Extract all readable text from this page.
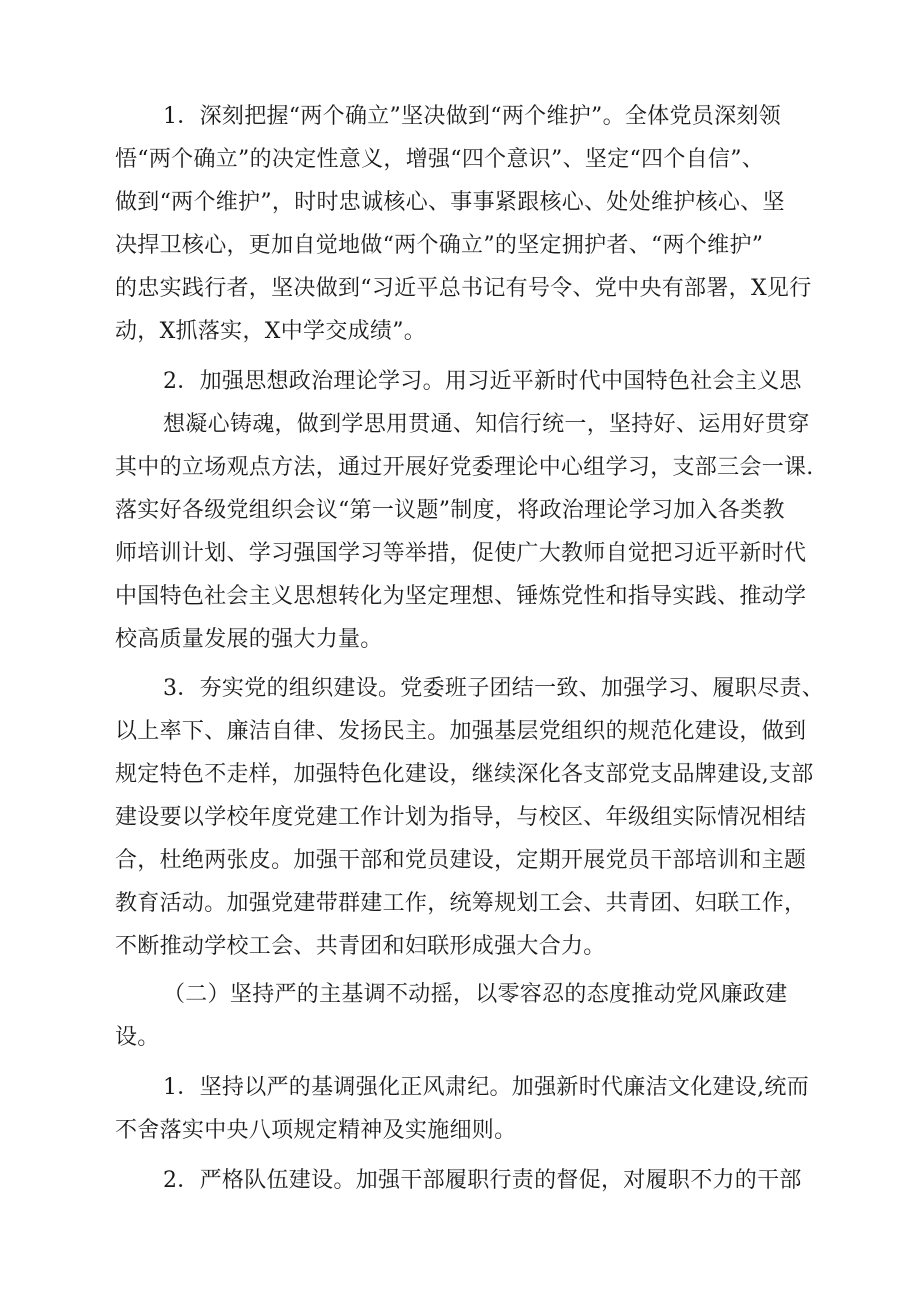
1．深刻把握“两个确立”坚决做到“两个维护”。全体党员深刻领
悟“两个确立”的决定性意义，增强“四个意识”、坚定“四个自信”、
做到“两个维护”，时时忠诚核心、事事紧跟核心、处处维护核心、坚
决捍卫核心，更加自觉地做“两个确立”的坚定拥护者、“两个维护”
的忠实践行者，坚决做到“习近平总书记有号令、党中央有部署，X见行
动，X抓落实，X中学交成绩”。
2．加强思想政治理论学习。用习近平新时代中国特色社会主义思
想凝心铸魂，做到学思用贯通、知信行统一，坚持好、运用好贯穿
其中的立场观点方法，通过开展好党委理论中心组学习，支部三会一课.
落实好各级党组织会议“第一议题”制度，将政治理论学习加入各类教
师培训计划、学习强国学习等举措，促使广大教师自觉把习近平新时代
中国特色社会主义思想转化为坚定理想、锤炼党性和指导实践、推动学
校高质量发展的强大力量。
3．夯实党的组织建设。党委班子团结一致、加强学习、履职尽责、
以上率下、廉洁自律、发扬民主。加强基层党组织的规范化建设，做到
规定特色不走样，加强特色化建设，继续深化各支部党支品牌建设,支部
建设要以学校年度党建工作计划为指导，与校区、年级组实际情况相结
合，杜绝两张皮。加强干部和党员建设，定期开展党员干部培训和主题
教育活动。加强党建带群建工作，统筹规划工会、共青团、妇联工作，
不断推动学校工会、共青团和妇联形成强大合力。
（二）坚持严的主基调不动摇，以零容忍的态度推动党风廉政建
设。
1．坚持以严的基调强化正风肃纪。加强新时代廉洁文化建设,统而
不舍落实中央八项规定精神及实施细则。
2．严格队伍建设。加强干部履职行责的督促，对履职不力的干部
